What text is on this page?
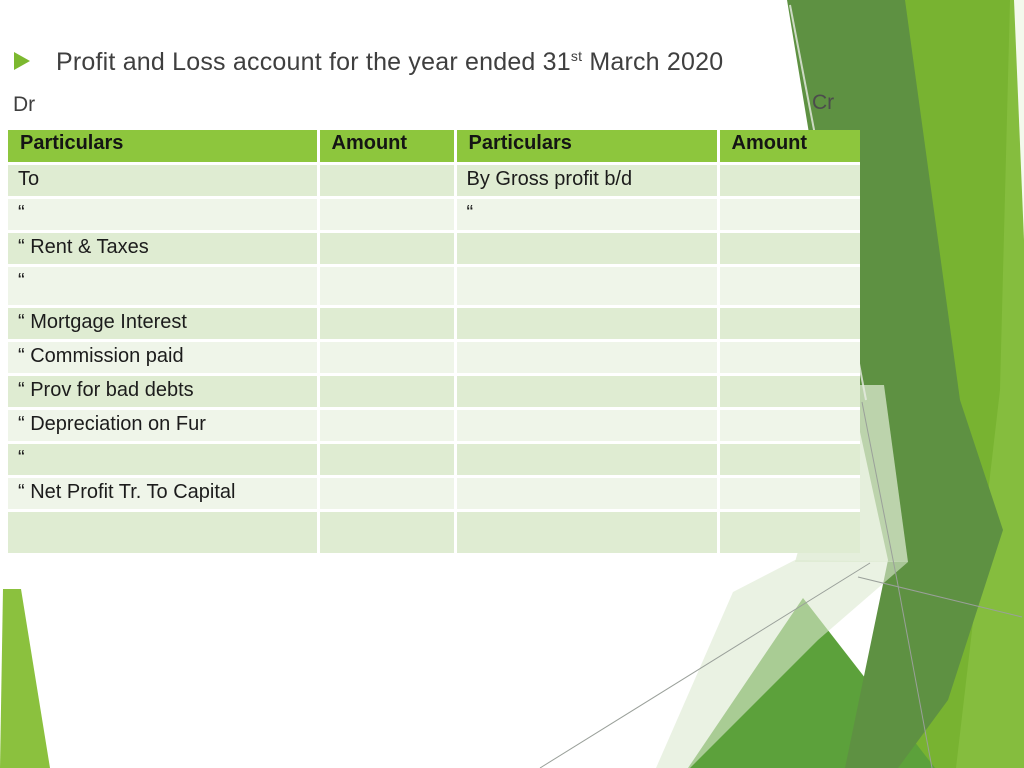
Profit and Loss account for the year ended 31st March 2020
Dr	Cr
Particulars	Amount	Particulars	Amount
To		By Gross profit b/d	
“		“	
“ Rent & Taxes			
“			
“ Mortgage Interest			
“ Commission paid			
“ Prov for bad debts			
“ Depreciation on Fur			
“			
“ Net Profit Tr. To Capital			
